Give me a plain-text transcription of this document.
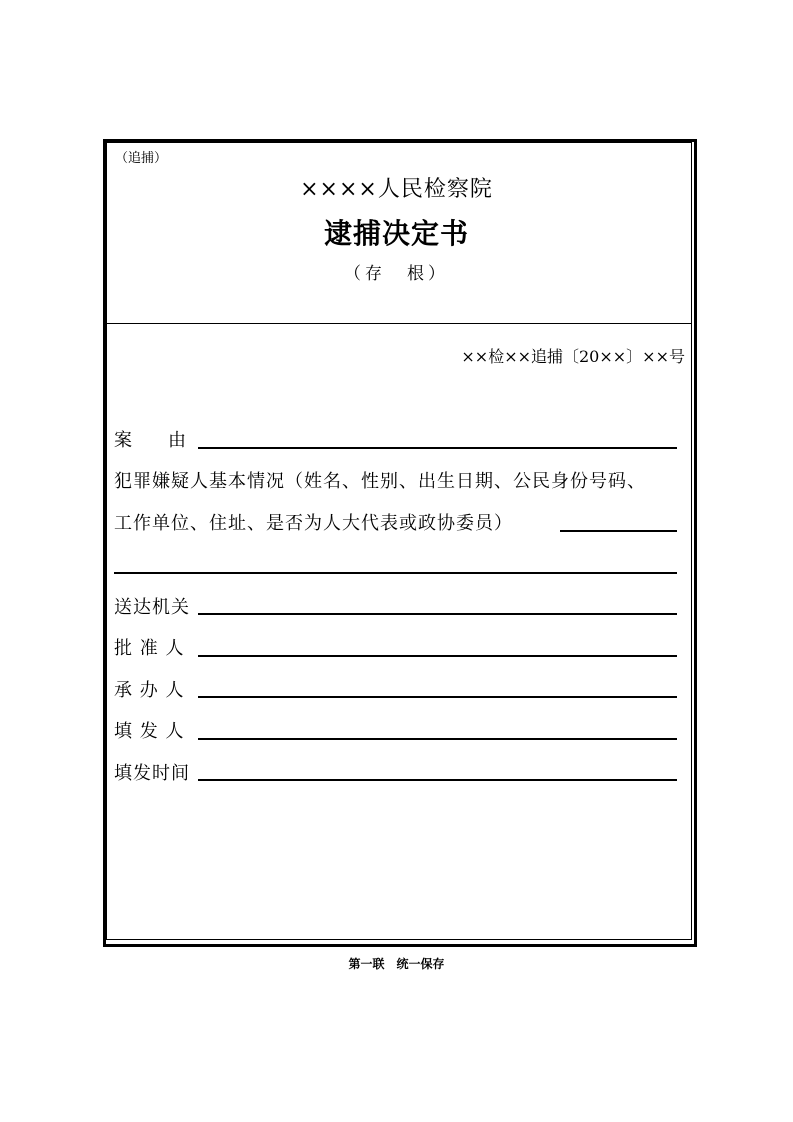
（追捕）
××××人民检察院
逮捕决定书
（存　根）
××检××追捕〔20××〕××号
案　　由
犯罪嫌疑人基本情况（姓名、性别、出生日期、公民身份号码、
工作单位、住址、是否为人大代表或政协委员）
送达机关
批 准 人
承 办 人
填 发 人
填发时间
第一联　统一保存
